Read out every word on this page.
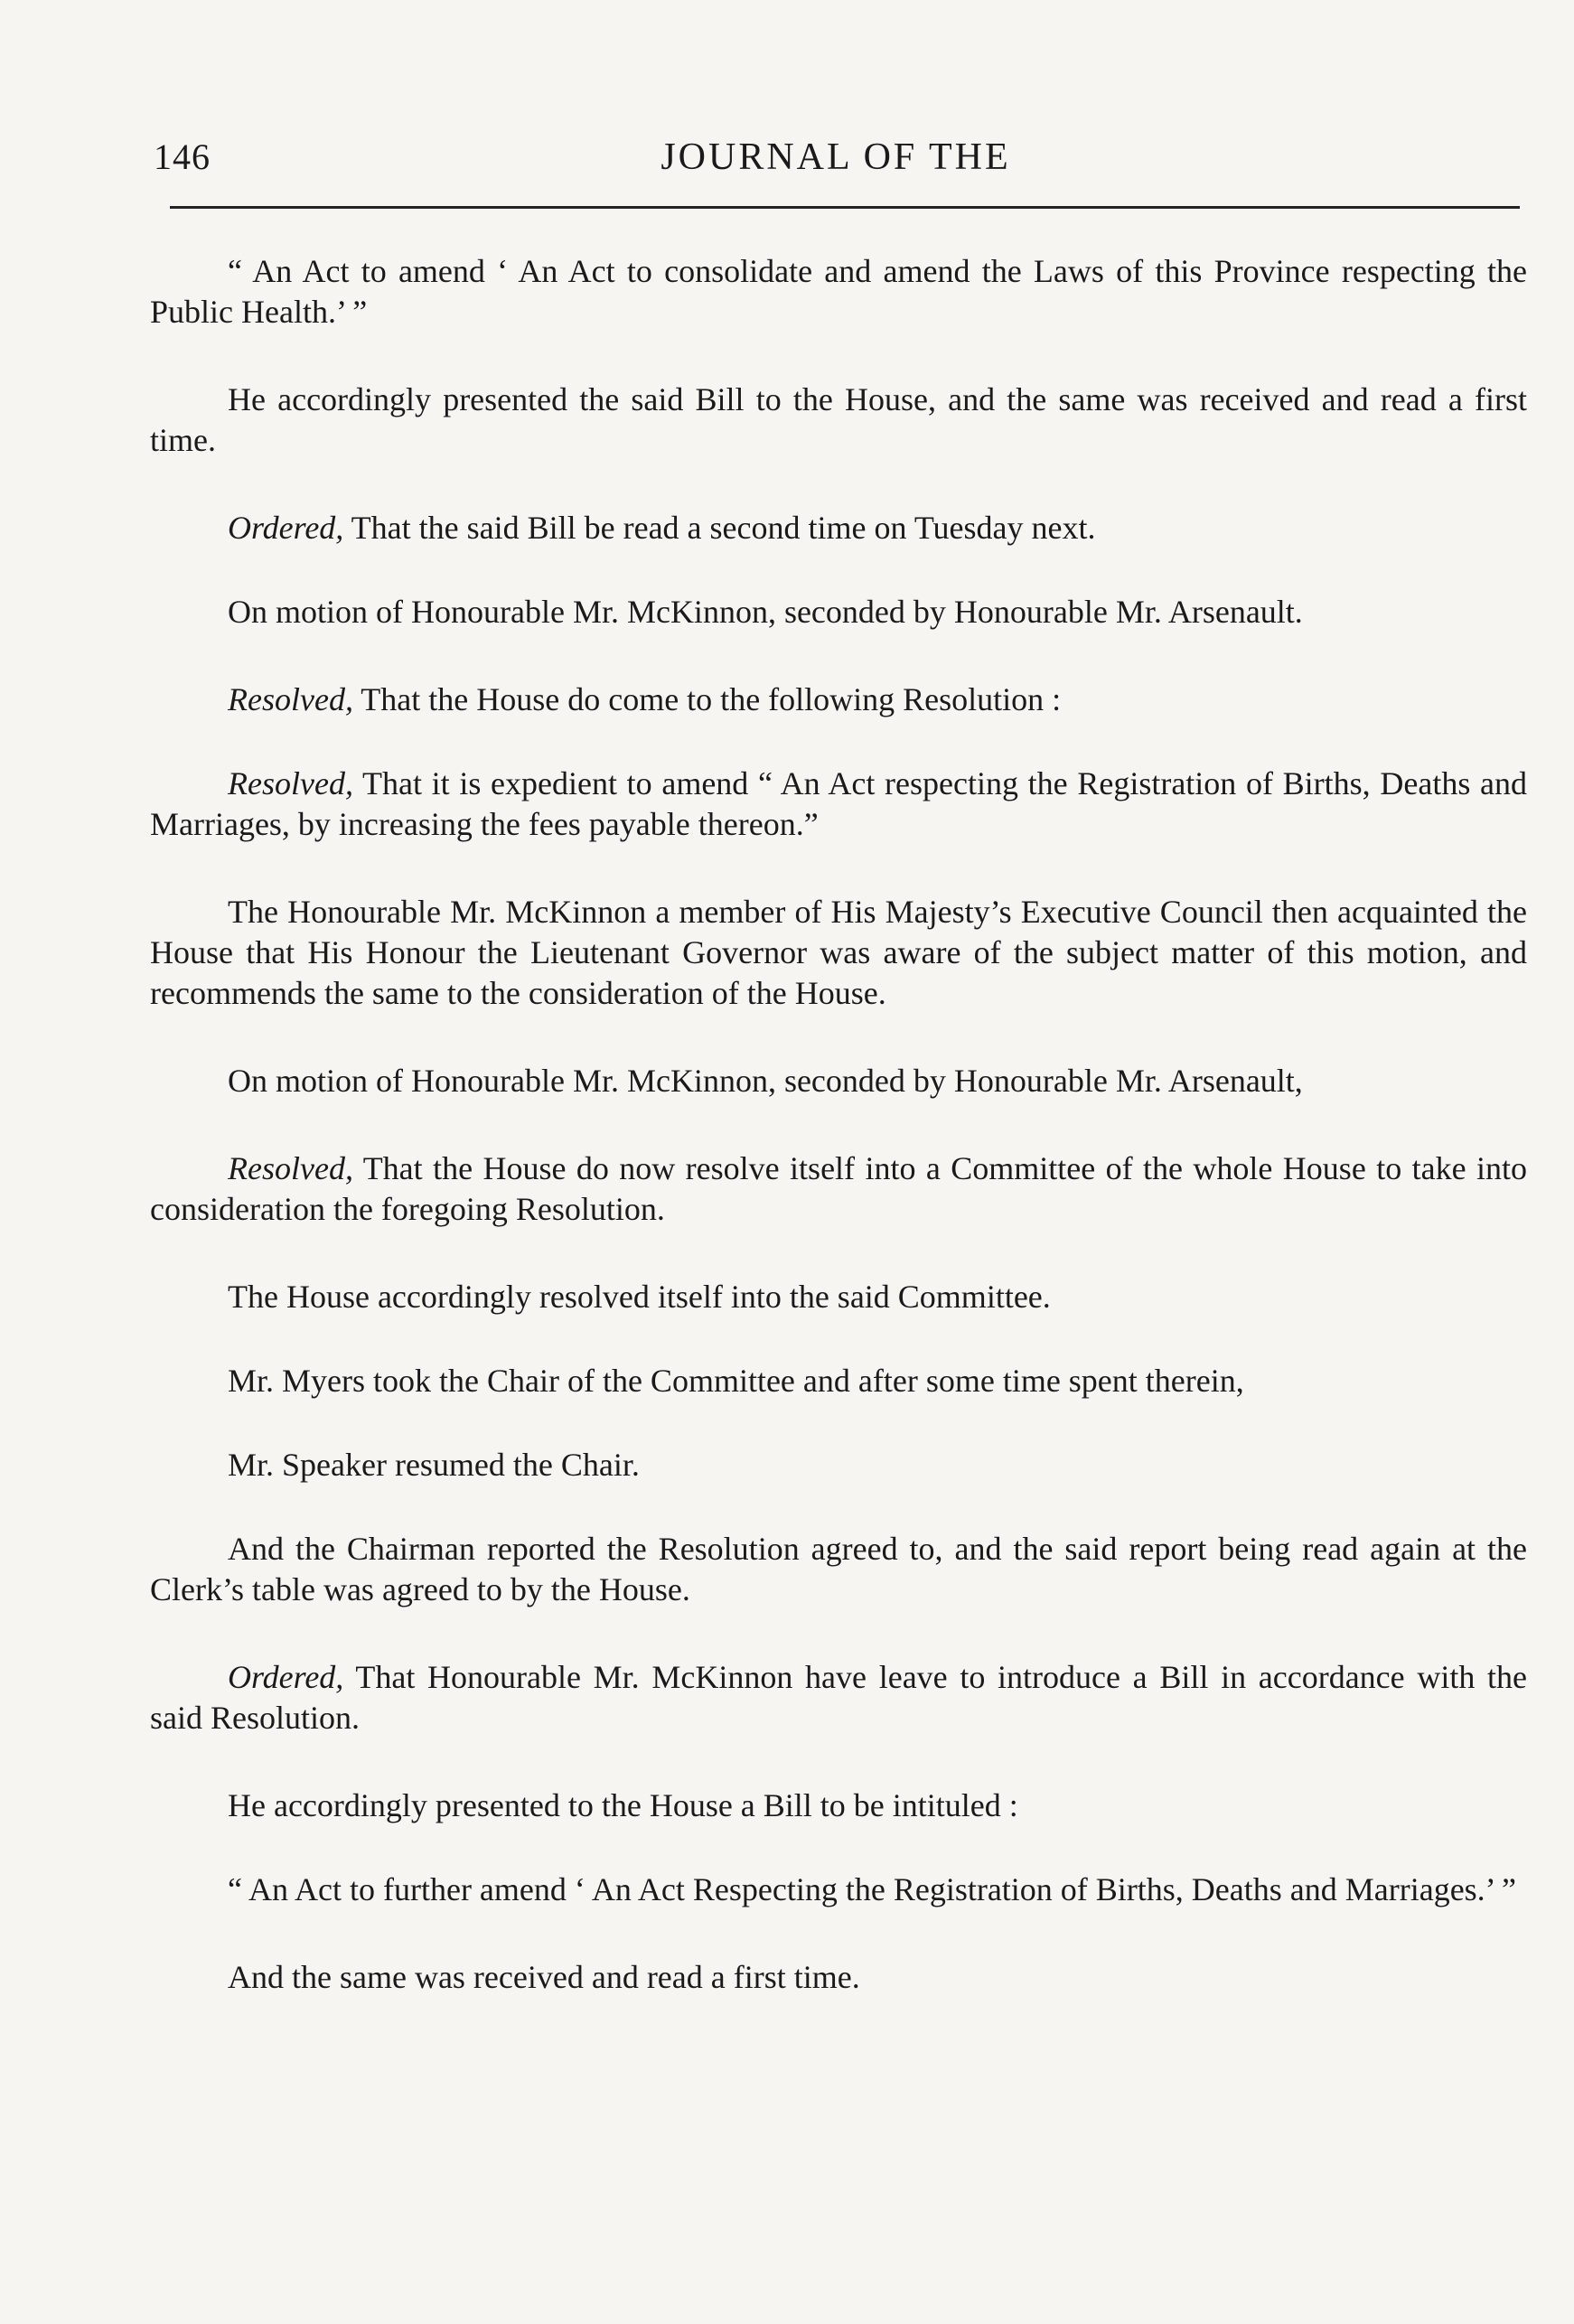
146	JOURNAL OF THE

“ An Act to amend ‘ An Act to consolidate and amend the Laws of this Province respecting the Public Health.’ ”

He accordingly presented the said Bill to the House, and the same was received and read a first time.

Ordered, That the said Bill be read a second time on Tuesday next.

On motion of Honourable Mr. McKinnon, seconded by Honourable Mr. Arsenault.

Resolved, That the House do come to the following Resolution :

Resolved, That it is expedient to amend “ An Act respecting the Registration of Births, Deaths and Marriages, by increasing the fees payable thereon.”

The Honourable Mr. McKinnon a member of His Majesty’s Executive Council then acquainted the House that His Honour the Lieutenant Governor was aware of the subject matter of this motion, and recommends the same to the consideration of the House.

On motion of Honourable Mr. McKinnon, seconded by Honourable Mr. Arsenault,

Resolved, That the House do now resolve itself into a Committee of the whole House to take into consideration the foregoing Resolution.

The House accordingly resolved itself into the said Committee.

Mr. Myers took the Chair of the Committee and after some time spent therein,

Mr. Speaker resumed the Chair.

And the Chairman reported the Resolution agreed to, and the said report being read again at the Clerk’s table was agreed to by the House.

Ordered, That Honourable Mr. McKinnon have leave to introduce a Bill in accordance with the said Resolution.

He accordingly presented to the House a Bill to be intituled :

“ An Act to further amend ‘ An Act Respecting the Registration of Births, Deaths and Marriages.’ ”

And the same was received and read a first time.
